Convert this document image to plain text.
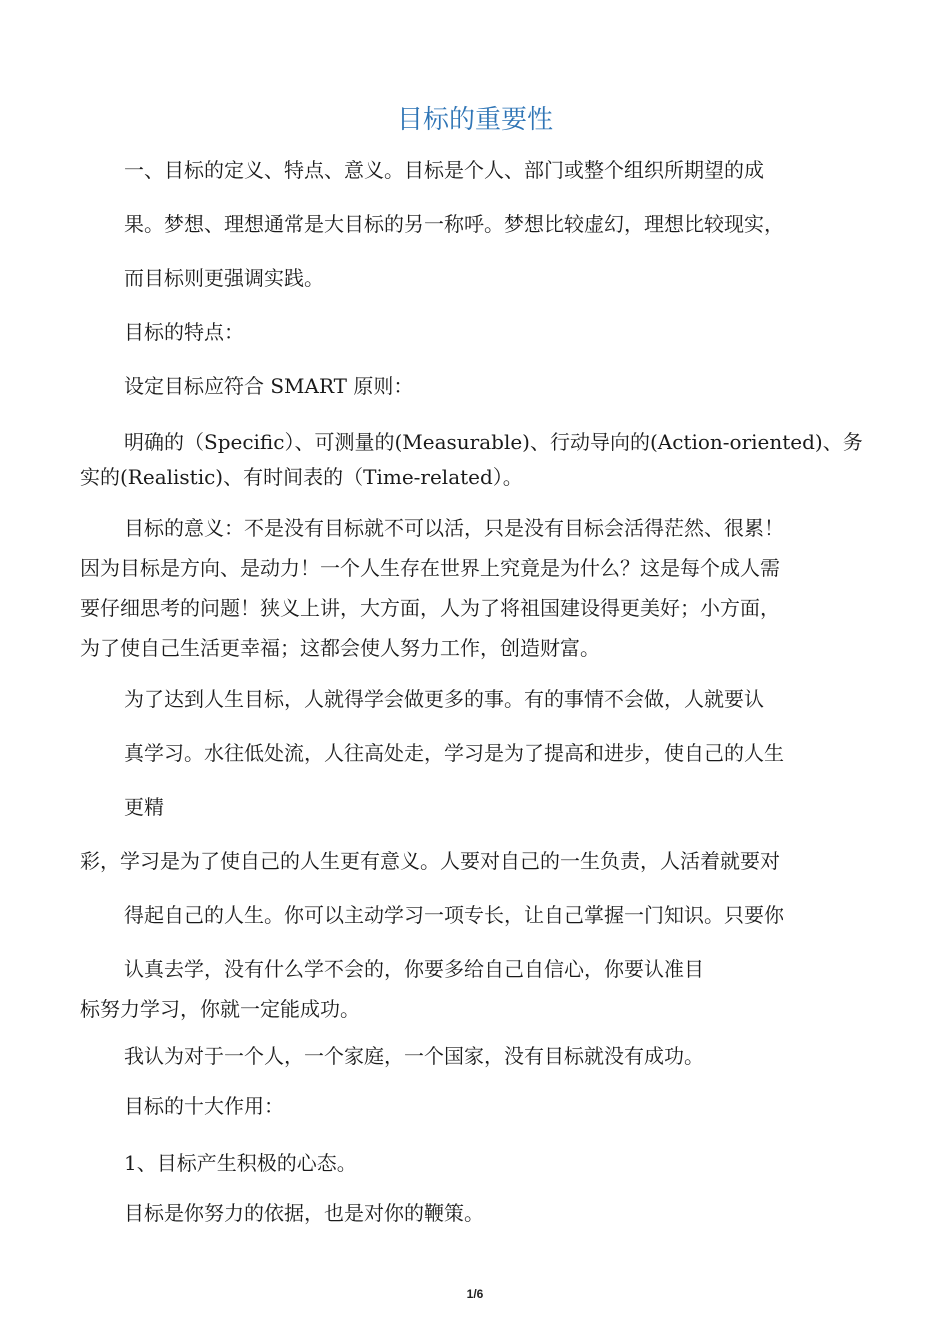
目标的重要性
一、目标的定义、特点、意义。目标是个人、部门或整个组织所期望的成
果。梦想、理想通常是大目标的另一称呼。梦想比较虚幻，理想比较现实，
而目标则更强调实践。
目标的特点：
设定目标应符合 SMART 原则：
明确的（Specific）、可测量的(Measurable)、行动导向的(Action-oriented)、务
实的(Realistic)、有时间表的（Time-related）。
目标的意义：不是没有目标就不可以活，只是没有目标会活得茫然、很累！
因为目标是方向、是动力！一个人生存在世界上究竟是为什么？这是每个成人需
要仔细思考的问题！狭义上讲，大方面，人为了将祖国建设得更美好；小方面，
为了使自己生活更幸福；这都会使人努力工作，创造财富。
为了达到人生目标，人就得学会做更多的事。有的事情不会做，人就要认
真学习。水往低处流，人往高处走，学习是为了提高和进步，使自己的人生
更精
彩，学习是为了使自己的人生更有意义。人要对自己的一生负责，人活着就要对
得起自己的人生。你可以主动学习一项专长，让自己掌握一门知识。只要你
认真去学，没有什么学不会的，你要多给自己自信心，你要认准目
标努力学习，你就一定能成功。
我认为对于一个人，一个家庭，一个国家，没有目标就没有成功。
目标的十大作用：
1、目标产生积极的心态。
目标是你努力的依据，也是对你的鞭策。
1/6
